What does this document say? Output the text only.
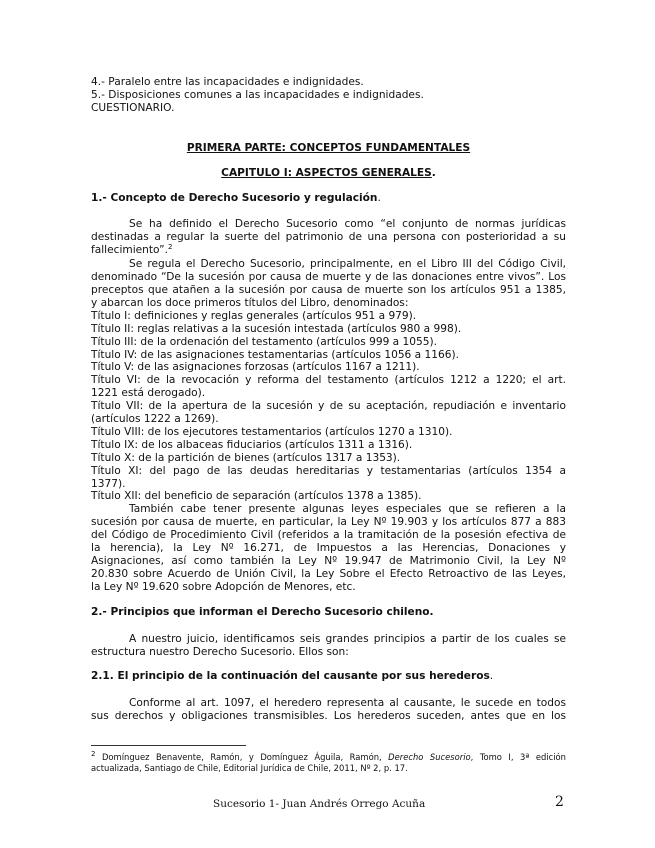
4.- Paralelo entre las incapacidades e indignidades.
5.- Disposiciones comunes a las incapacidades e indignidades.
CUESTIONARIO.
PRIMERA PARTE: CONCEPTOS FUNDAMENTALES
CAPITULO I: ASPECTOS GENERALES.
1.- Concepto de Derecho Sucesorio y regulación.
Se ha definido el Derecho Sucesorio como “el conjunto de normas jurídicas
destinadas a regular la suerte del patrimonio de una persona con posterioridad a su
fallecimiento”.$^2$
Se regula el Derecho Sucesorio, principalmente, en el Libro III del Código Civil,
denominado “De la sucesión por causa de muerte y de las donaciones entre vivos”. Los
preceptos que atañen a la sucesión por causa de muerte son los artículos 951 a 1385,
y abarcan los doce primeros títulos del Libro, denominados:
Título I: definiciones y reglas generales (artículos 951 a 979).
Título II: reglas relativas a la sucesión intestada (artículos 980 a 998).
Título III: de la ordenación del testamento (artículos 999 a 1055).
Título IV: de las asignaciones testamentarias (artículos 1056 a 1166).
Título V: de las asignaciones forzosas (artículos 1167 a 1211).
Título VI: de la revocación y reforma del testamento (artículos 1212 a 1220; el art.
1221 está derogado).
Título VII: de la apertura de la sucesión y de su aceptación, repudiación e inventario
(artículos 1222 a 1269).
Título VIII: de los ejecutores testamentarios (artículos 1270 a 1310).
Título IX: de los albaceas fiduciarios (artículos 1311 a 1316).
Título X: de la partición de bienes (artículos 1317 a 1353).
Título XI: del pago de las deudas hereditarias y testamentarias (artículos 1354 a
1377).
Título XII: del beneficio de separación (artículos 1378 a 1385).
También cabe tener presente algunas leyes especiales que se refieren a la
sucesión por causa de muerte, en particular, la Ley Nº 19.903 y los artículos 877 a 883
del Código de Procedimiento Civil (referidos a la tramitación de la posesión efectiva de
la herencia), la Ley Nº 16.271, de Impuestos a las Herencias, Donaciones y
Asignaciones, así como también la Ley Nº 19.947 de Matrimonio Civil, la Ley Nº
20.830 sobre Acuerdo de Unión Civil, la Ley Sobre el Efecto Retroactivo de las Leyes,
la Ley Nº 19.620 sobre Adopción de Menores, etc.
2.- Principios que informan el Derecho Sucesorio chileno.
A nuestro juicio, identificamos seis grandes principios a partir de los cuales se
estructura nuestro Derecho Sucesorio. Ellos son:
2.1. El principio de la continuación del causante por sus herederos.
Conforme al art. 1097, el heredero representa al causante, le sucede en todos
sus derechos y obligaciones transmisibles. Los herederos suceden, antes que en los
$^2$ Domínguez Benavente, Ramón, y Domínguez Águila, Ramón, Derecho Sucesorio, Tomo I, 3ª edición actualizada, Santiago de Chile, Editorial Jurídica de Chile, 2011, Nº 2, p. 17.
Sucesorio 1- Juan Andrés Orrego Acuña	2
